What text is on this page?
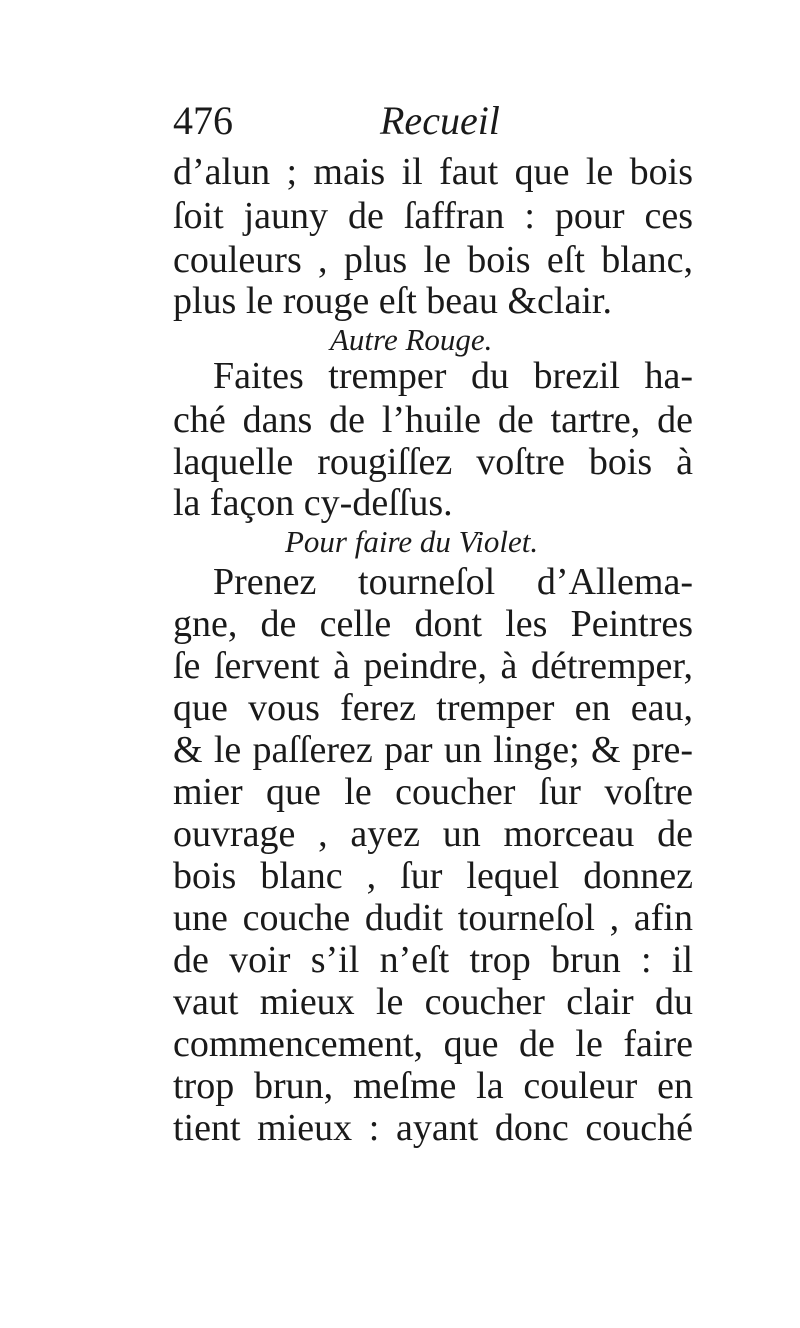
476	Recueil
d’alun ; mais il faut que le bois
ſoit jauny de ſaffran : pour ces
couleurs , plus le bois eſt blanc,
plus le rouge eſt beau &clair.
Autre Rouge.
Faites tremper du brezil ha-
ché dans de l’huile de tartre, de
laquelle rougiſſez voſtre bois à
la façon cy-deſſus.
Pour faire du Violet.
Prenez tourneſol d’Allema-
gne, de celle dont les Peintres
ſe ſervent à peindre, à détremper,
que vous ferez tremper en eau,
& le paſſerez par un linge; & pre-
mier que le coucher ſur voſtre
ouvrage , ayez un morceau de
bois blanc , ſur lequel donnez
une couche dudit tourneſol , afin
de voir s’il n’eſt trop brun : il
vaut mieux le coucher clair du
commencement, que de le faire
trop brun, meſme la couleur en
tient mieux : ayant donc couché
